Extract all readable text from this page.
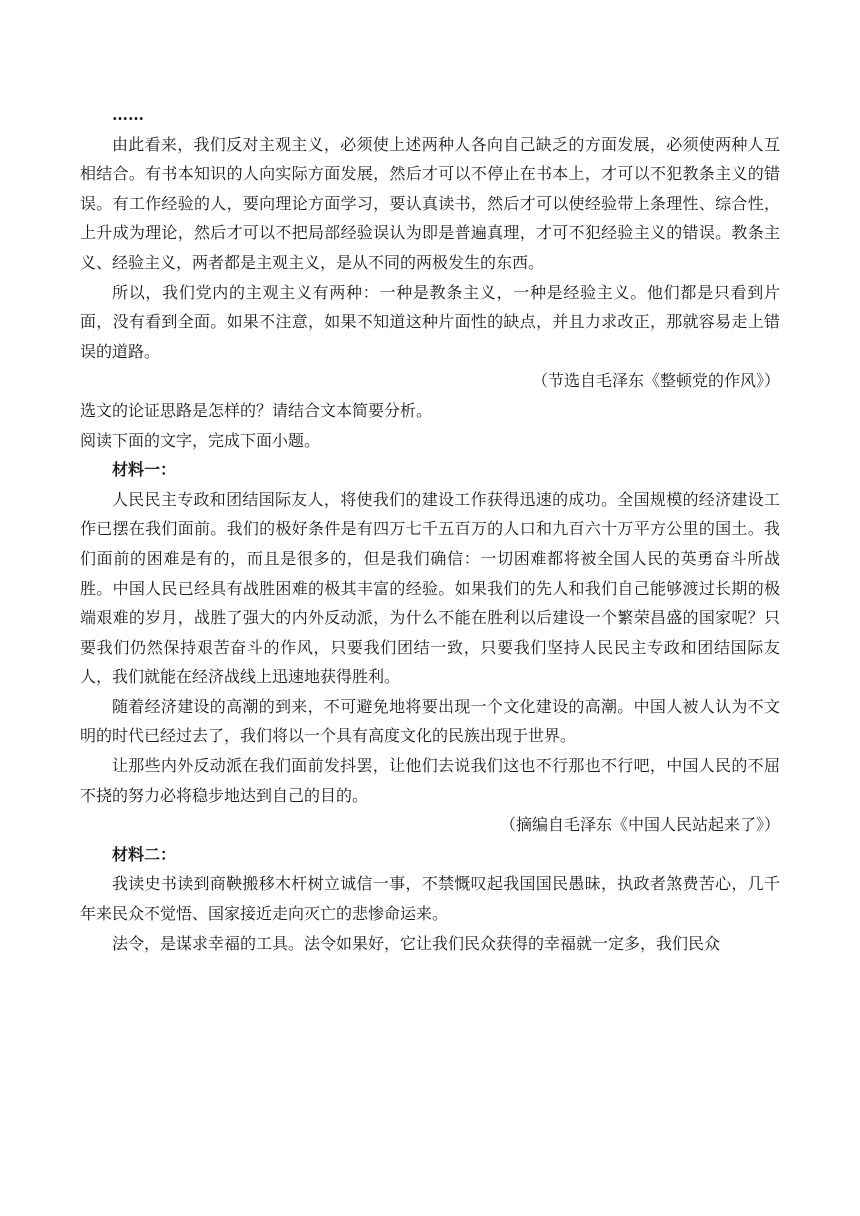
……

由此看来，我们反对主观主义，必须使上述两种人各向自己缺乏的方面发展，必须使两种人互相结合。有书本知识的人向实际方面发展，然后才可以不停止在书本上，才可以不犯教条主义的错误。有工作经验的人，要向理论方面学习，要认真读书，然后才可以使经验带上条理性、综合性，上升成为理论，然后才可以不把局部经验误认为即是普遍真理，才可不犯经验主义的错误。教条主义、经验主义，两者都是主观主义，是从不同的两极发生的东西。

所以，我们党内的主观主义有两种：一种是教条主义，一种是经验主义。他们都是只看到片面，没有看到全面。如果不注意，如果不知道这种片面性的缺点，并且力求改正，那就容易走上错误的道路。

（节选自毛泽东《整顿党的作风》）

选文的论证思路是怎样的？请结合文本简要分析。

阅读下面的文字，完成下面小题。

材料一：

人民民主专政和团结国际友人，将使我们的建设工作获得迅速的成功。全国规模的经济建设工作已摆在我们面前。我们的极好条件是有四万七千五百万的人口和九百六十万平方公里的国土。我们面前的困难是有的，而且是很多的，但是我们确信：一切困难都将被全国人民的英勇奋斗所战胜。中国人民已经具有战胜困难的极其丰富的经验。如果我们的先人和我们自己能够渡过长期的极端艰难的岁月，战胜了强大的内外反动派，为什么不能在胜利以后建设一个繁荣昌盛的国家呢？只要我们仍然保持艰苦奋斗的作风，只要我们团结一致，只要我们坚持人民民主专政和团结国际友人，我们就能在经济战线上迅速地获得胜利。

随着经济建设的高潮的到来，不可避免地将要出现一个文化建设的高潮。中国人被人认为不文明的时代已经过去了，我们将以一个具有高度文化的民族出现于世界。

让那些内外反动派在我们面前发抖罢，让他们去说我们这也不行那也不行吧，中国人民的不屈不挠的努力必将稳步地达到自己的目的。

（摘编自毛泽东《中国人民站起来了》）

材料二：

我读史书读到商鞅搬移木杆树立诚信一事，不禁慨叹起我国国民愚昧，执政者煞费苦心，几千年来民众不觉悟、国家接近走向灭亡的悲惨命运来。

法令，是谋求幸福的工具。法令如果好，它让我们民众获得的幸福就一定多，我们民众
